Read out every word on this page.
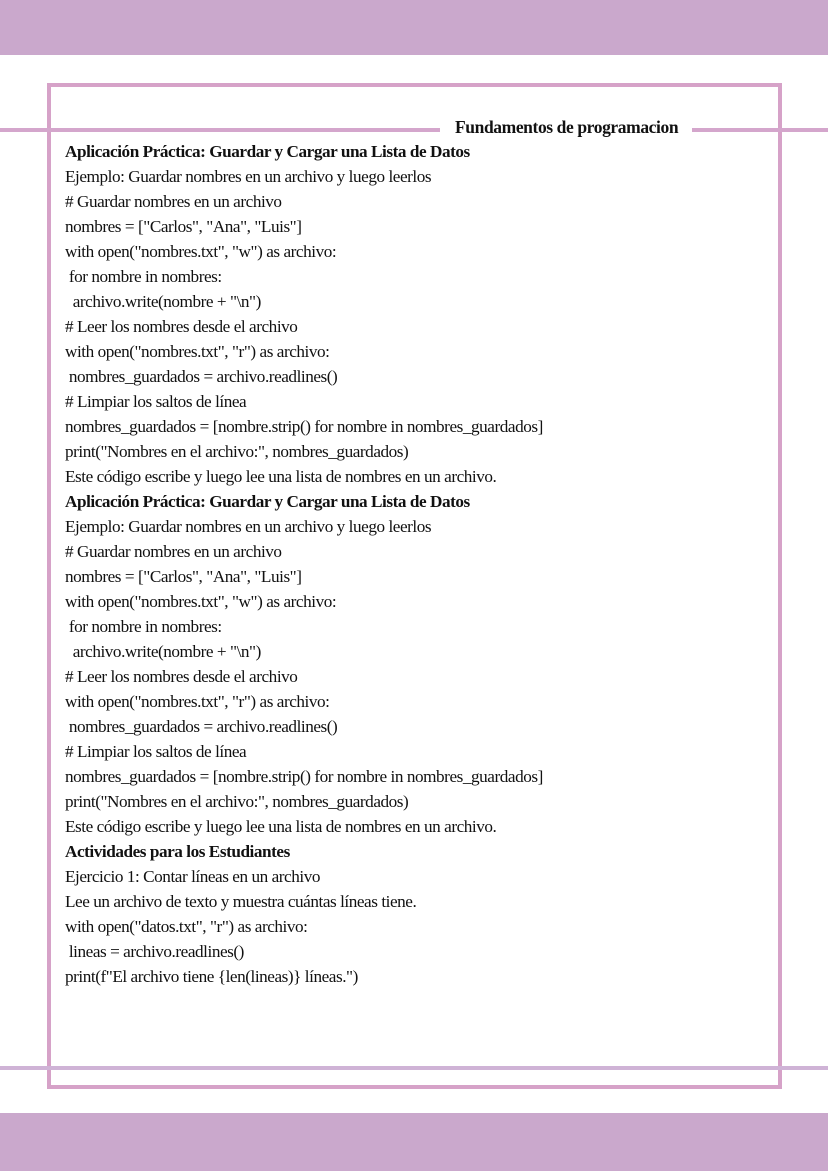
Fundamentos de programacion
Aplicación Práctica: Guardar y Cargar una Lista de Datos
Ejemplo: Guardar nombres en un archivo y luego leerlos
# Guardar nombres en un archivo
nombres = ["Carlos", "Ana", "Luis"]
with open("nombres.txt", "w") as archivo:
for nombre in nombres:
archivo.write(nombre + "\n")
# Leer los nombres desde el archivo
with open("nombres.txt", "r") as archivo:
nombres_guardados = archivo.readlines()
# Limpiar los saltos de línea
nombres_guardados = [nombre.strip() for nombre in nombres_guardados]
print("Nombres en el archivo:", nombres_guardados)
Este código escribe y luego lee una lista de nombres en un archivo.
Aplicación Práctica: Guardar y Cargar una Lista de Datos
Ejemplo: Guardar nombres en un archivo y luego leerlos
# Guardar nombres en un archivo
nombres = ["Carlos", "Ana", "Luis"]
with open("nombres.txt", "w") as archivo:
for nombre in nombres:
archivo.write(nombre + "\n")
# Leer los nombres desde el archivo
with open("nombres.txt", "r") as archivo:
nombres_guardados = archivo.readlines()
# Limpiar los saltos de línea
nombres_guardados = [nombre.strip() for nombre in nombres_guardados]
print("Nombres en el archivo:", nombres_guardados)
Este código escribe y luego lee una lista de nombres en un archivo.
Actividades para los Estudiantes
Ejercicio 1: Contar líneas en un archivo
Lee un archivo de texto y muestra cuántas líneas tiene.
with open("datos.txt", "r") as archivo:
lineas = archivo.readlines()
print(f"El archivo tiene {len(lineas)} líneas.")
